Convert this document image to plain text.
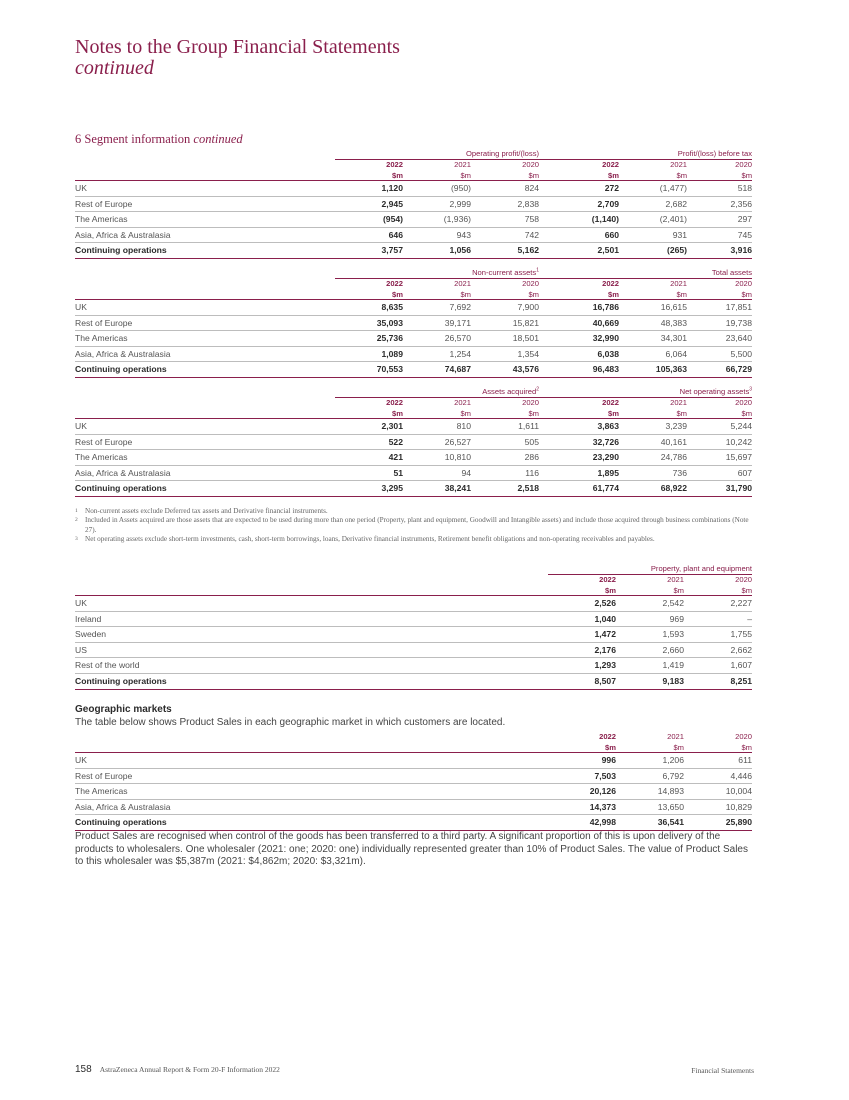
Notes to the Group Financial Statements
continued
6 Segment information continued
	Operating profit/(loss)			Profit/(loss) before tax		
	2022	2021	2020	2022	2021	2020
	$m	$m	$m	$m	$m	$m
UK	1,120	(950)	824	272	(1,477)	518
Rest of Europe	2,945	2,999	2,838	2,709	2,682	2,356
The Americas	(954)	(1,936)	758	(1,140)	(2,401)	297
Asia, Africa & Australasia	646	943	742	660	931	745
Continuing operations	3,757	1,056	5,162	2,501	(265)	3,916
	Non-current assets$^1$			Total assets		
	2022	2021	2020	2022	2021	2020
	$m	$m	$m	$m	$m	$m
UK	8,635	7,692	7,900	16,786	16,615	17,851
Rest of Europe	35,093	39,171	15,821	40,669	48,383	19,738
The Americas	25,736	26,570	18,501	32,990	34,301	23,640
Asia, Africa & Australasia	1,089	1,254	1,354	6,038	6,064	5,500
Continuing operations	70,553	74,687	43,576	96,483	105,363	66,729
	Assets acquired$^2$			Net operating assets$^3$
	2022	2021	2020	2022	2021	2020
	$m	$m	$m	$m	$m	$m
UK	2,301	810	1,611	3,863	3,239	5,244
Rest of Europe	522	26,527	505	32,726	40,161	10,242
The Americas	421	10,810	286	23,290	24,786	15,697
Asia, Africa & Australasia	51	94	116	1,895	736	607
Continuing operations	3,295	38,241	2,518	61,774	68,922	31,790
1 Non-current assets exclude Deferred tax assets and Derivative financial instruments.
2 Included in Assets acquired are those assets that are expected to be used during more than one period (Property, plant and equipment, Goodwill and Intangible assets) and include those acquired through business combinations (Note 27).
3 Net operating assets exclude short-term investments, cash, short-term borrowings, loans, Derivative financial instruments, Retirement benefit obligations and non-operating receivables and payables.
	Property, plant and equipment		
	2022	2021	2020
	$m	$m	$m
UK	2,526	2,542	2,227
Ireland	1,040	969	–
Sweden	1,472	1,593	1,755
US	2,176	2,660	2,662
Rest of the world	1,293	1,419	1,607
Continuing operations	8,507	9,183	8,251
Geographic markets
The table below shows Product Sales in each geographic market in which customers are located.
	2022	2021	2020
	$m	$m	$m
UK	996	1,206	611
Rest of Europe	7,503	6,792	4,446
The Americas	20,126	14,893	10,004
Asia, Africa & Australasia	14,373	13,650	10,829
Continuing operations	42,998	36,541	25,890
Product Sales are recognised when control of the goods has been transferred to a third party. A significant proportion of this is upon delivery of the products to wholesalers. One wholesaler (2021: one; 2020: one) individually represented greater than 10% of Product Sales. The value of Product Sales to this wholesaler was $5,387m (2021: $4,862m; 2020: $3,321m).
158 AstraZeneca Annual Report & Form 20-F Information 2022	Financial Statements
